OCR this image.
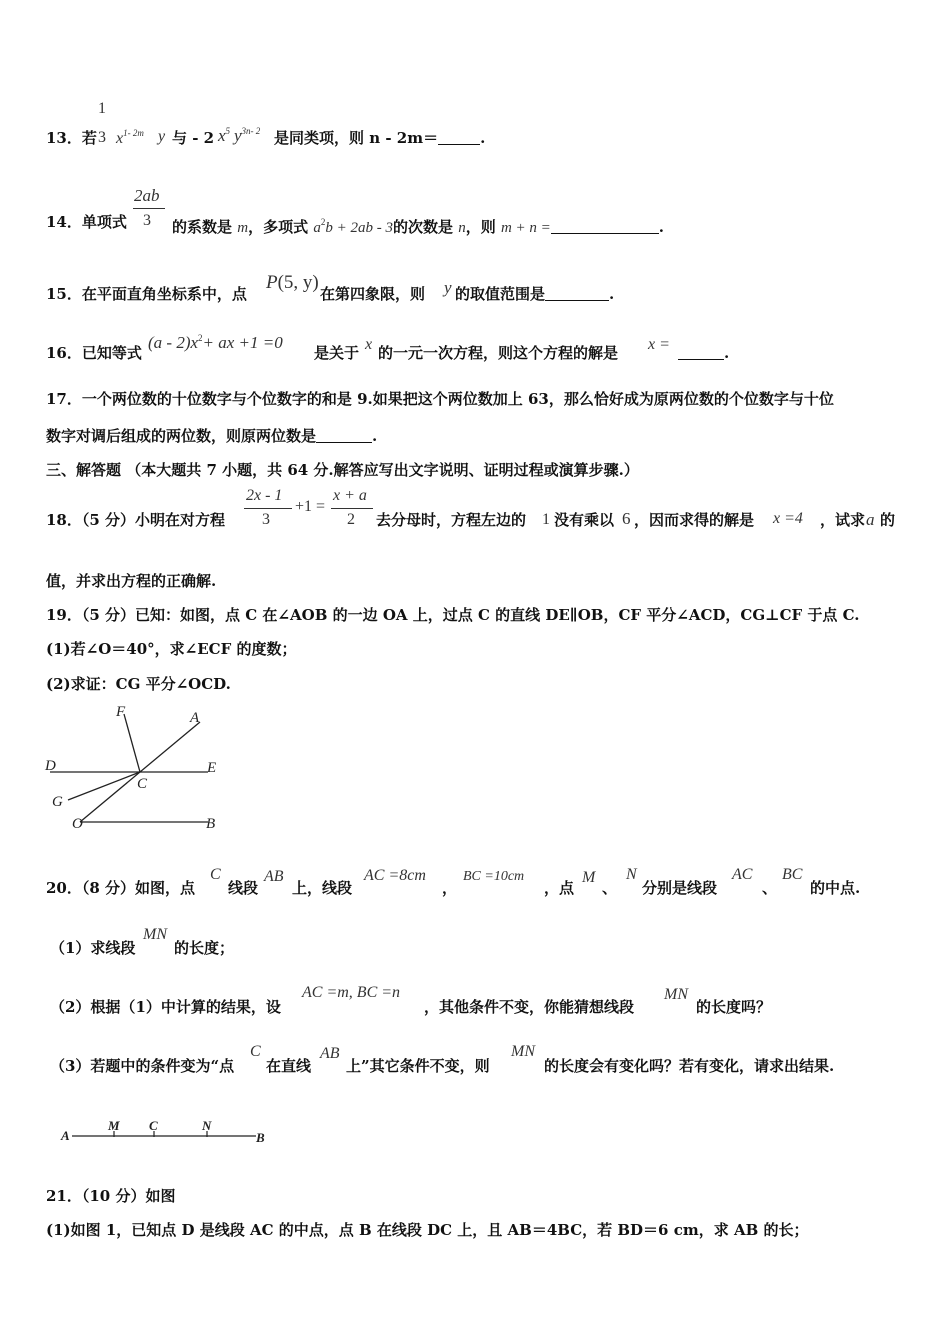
1
13．若 3 $x^{1- 2m}$ y 与 - 2 $x^5$ $y^{3n- 2}$ 是同类项，则 n - 2m＝	.
2ab
3
14．单项式	的系数是 m，多项式 $a^2b + 2ab - 3$的次数是 n，则 m + n =	.
15．在平面直角坐标系中，点
P(5, y)
在第四象限，则 y 的取值范围是	.
16．已知等式
$(a - 2)x^2+$ ax +1 =0
是关于 x 的一元一次方程，则这个方程的解是 x =	.
17．一个两位数的十位数字与个位数字的和是 9.如果把这个两位数加上 63，那么恰好成为原两位数的个位数字与十位
数字对调后组成的两位数，则原两位数是	.
三、解答题 （本大题共 7 小题，共 64 分.解答应写出文字说明、证明过程或演算步骤.）
2x - 1
3
+1 =
x + a
2
18．（5 分）小明在对方程	去分母时，方程左边的 1 没有乘以 6 ，因而求得的解是 x =4 ，试求 a 的
值，并求出方程的正确解.
19．（5 分）已知：如图，点 C 在∠AOB 的一边 OA 上，过点 C 的直线 DE∥OB，CF 平分∠ACD，CG⊥CF 于点 C.
(1)若∠O＝40°，求∠ECF 的度数；
(2)求证：CG 平分∠OCD.
F	A
D
C
E
G
O	B
20．（8 分）如图，点
C
线段
AB
上，线段
AC =8cm
，
BC =10cm
，点
M
、
N
分别是线段
AC
、
BC
的中点.
（1）求线段
MN
的长度；
（2）根据（1）中计算的结果，设
AC =m, BC =n
，其他条件不变，你能猜想线段
MN
的长度吗？
（3）若题中的条件变为“点
C
在直线
AB
上”其它条件不变，则
MN
的长度会有变化吗？若有变化，请求出结果.
A
M C	N
B
21．（10 分）如图
(1)如图 1，已知点 D 是线段 AC 的中点，点 B 在线段 DC 上，且 AB＝4BC，若 BD＝6 cm，求 AB 的长；
